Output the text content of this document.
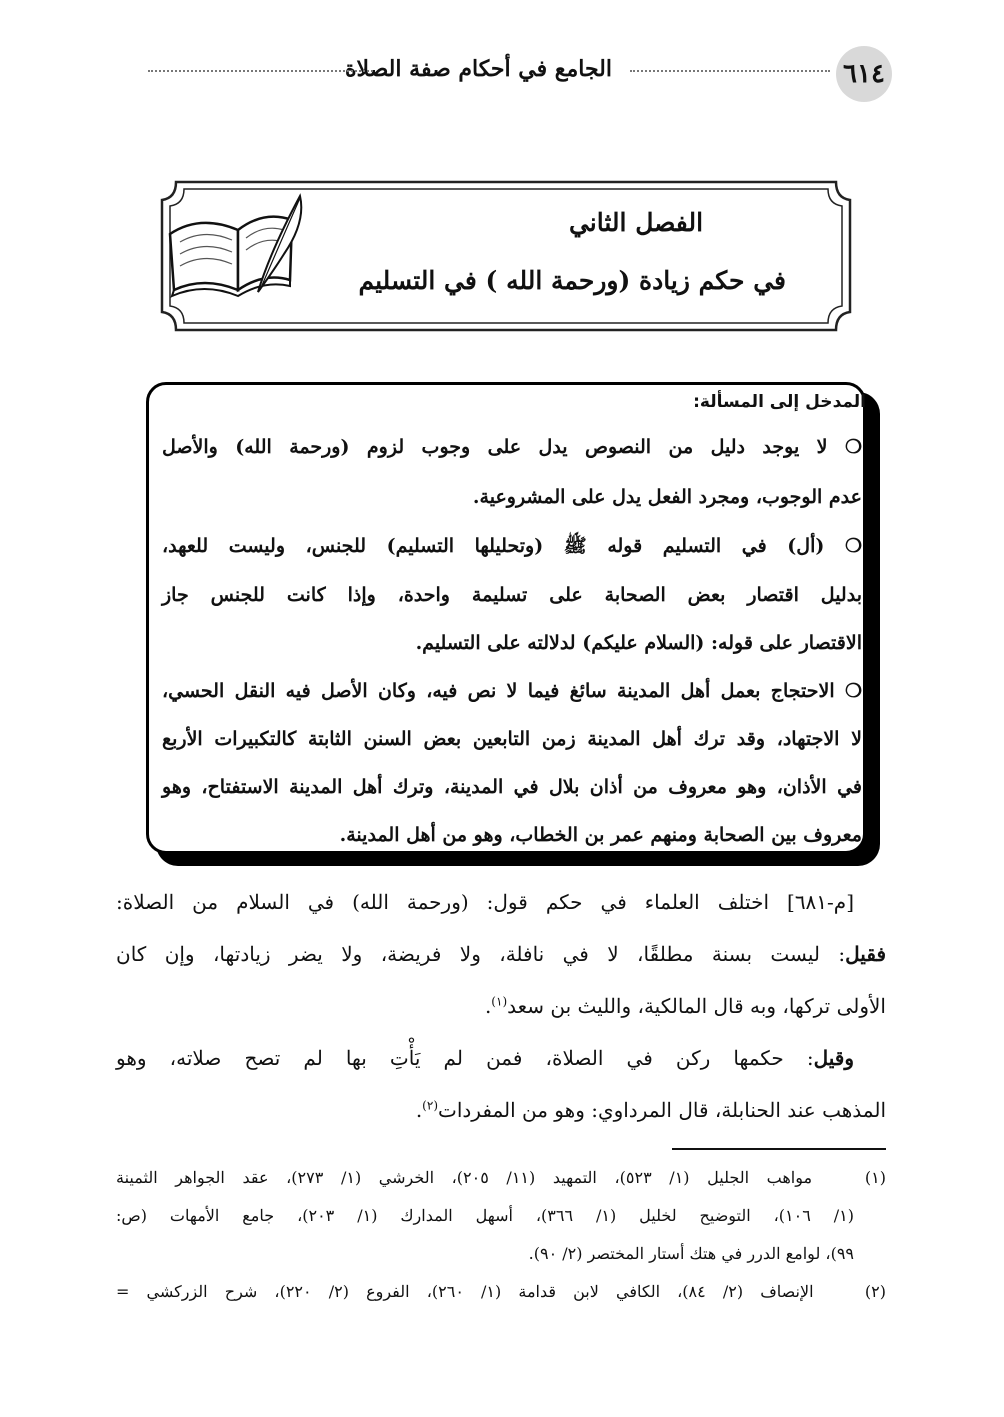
٦١٤
الجامع في أحكام صفة الصلاة
الفصل الثاني
في حكم زيادة (ورحمة الله ) في التسليم
المدخل إلى المسألة:
❍ لا يوجد دليل من النصوص يدل على وجوب لزوم (ورحمة الله) والأصل
عدم الوجوب، ومجرد الفعل يدل على المشروعية.
❍ (أل) في التسليم قوله ﷺ (وتحليلها التسليم) للجنس، وليست للعهد،
بدليل اقتصار بعض الصحابة على تسليمة واحدة، وإذا كانت للجنس جاز
الاقتصار على قوله: (السلام عليكم) لدلالته على التسليم.
❍ الاحتجاج بعمل أهل المدينة سائغ فيما لا نص فيه، وكان الأصل فيه النقل الحسي،
لا الاجتهاد، وقد ترك أهل المدينة زمن التابعين بعض السنن الثابتة كالتكبيرات الأربع
في الأذان، وهو معروف من أذان بلال في المدينة، وترك أهل المدينة الاستفتاح، وهو
معروف بين الصحابة ومنهم عمر بن الخطاب، وهو من أهل المدينة.
[م-٦٨١] اختلف العلماء في حكم قول: (ورحمة الله) في السلام من الصلاة:
فقيل: ليست بسنة مطلقًا، لا في نافلة، ولا فريضة، ولا يضر زيادتها، وإن كان
الأولى تركها، وبه قال المالكية، والليث بن سعد$^{(١)}$.
وقيل: حكمها ركن في الصلاة، فمن لم يَأْتِ بها لم تصح صلاته، وهو
المذهب عند الحنابلة، قال المرداوي: وهو من المفردات$^{(٢)}$.
(١)   مواهب الجليل (١/ ٥٢٣)، التمهيد (١١/ ٢٠٥)، الخرشي (١/ ٢٧٣)، عقد الجواهر الثمينة
(١/ ١٠٦)، التوضيح لخليل (١/ ٣٦٦)، أسهل المدارك (١/ ٢٠٣)، جامع الأمهات (ص:
٩٩)، لوامع الدرر في هتك أستار المختصر (٢/ ٩٠).
(٢)   الإنصاف (٢/ ٨٤)، الكافي لابن قدامة (١/ ٢٦٠)، الفروع (٢/ ٢٢٠)، شرح الزركشي =
